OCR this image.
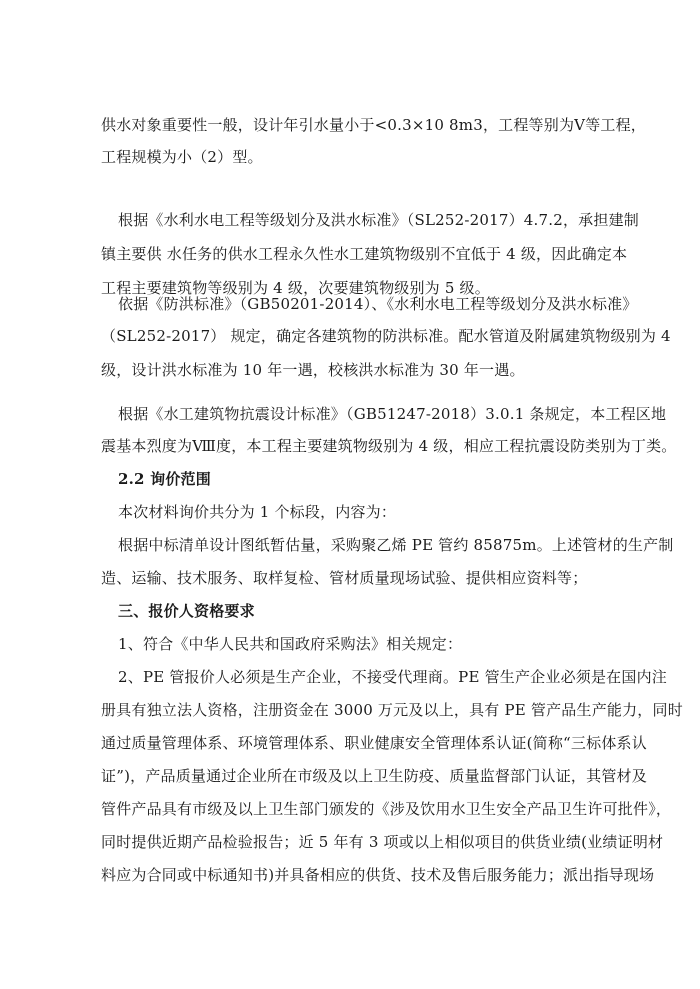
供水对象重要性一般，设计年引水量小于<0.3×10 8m3，工程等别为Ⅴ等工程，
工程规模为小（2）型。
根据《水利水电工程等级划分及洪水标准》（SL252-2017）4.7.2，承担建制
镇主要供 水任务的供水工程永久性水工建筑物级别不宜低于 4 级，因此确定本
工程主要建筑物等级别为 4 级，次要建筑物级别为 5 级。
依据《防洪标准》（GB50201-2014）、《水利水电工程等级划分及洪水标准》
（SL252-2017） 规定，确定各建筑物的防洪标准。配水管道及附属建筑物级别为 4
级，设计洪水标准为 10 年一遇，校核洪水标准为 30 年一遇。
根据《水工建筑物抗震设计标准》（GB51247-2018）3.0.1 条规定，本工程区地
震基本烈度为Ⅷ度，本工程主要建筑物级别为 4 级，相应工程抗震设防类别为丁类。
2.2 询价范围
本次材料询价共分为 1 个标段，内容为：
根据中标清单设计图纸暂估量，采购聚乙烯 PE 管约 85875m。上述管材的生产制
造、运输、技术服务、取样复检、管材质量现场试验、提供相应资料等；
三、报价人资格要求
1、符合《中华人民共和国政府采购法》相关规定：
2、PE 管报价人必须是生产企业，不接受代理商。PE 管生产企业必须是在国内注
册具有独立法人资格，注册资金在 3000 万元及以上，具有 PE 管产品生产能力，同时
通过质量管理体系、环境管理体系、职业健康安全管理体系认证(简称“三标体系认
证”)，产品质量通过企业所在市级及以上卫生防疫、质量监督部门认证，其管材及
管件产品具有市级及以上卫生部门颁发的《涉及饮用水卫生安全产品卫生许可批件》，
同时提供近期产品检验报告；近 5 年有 3 项或以上相似项目的供货业绩(业绩证明材
料应为合同或中标通知书)并具备相应的供货、技术及售后服务能力；派出指导现场
